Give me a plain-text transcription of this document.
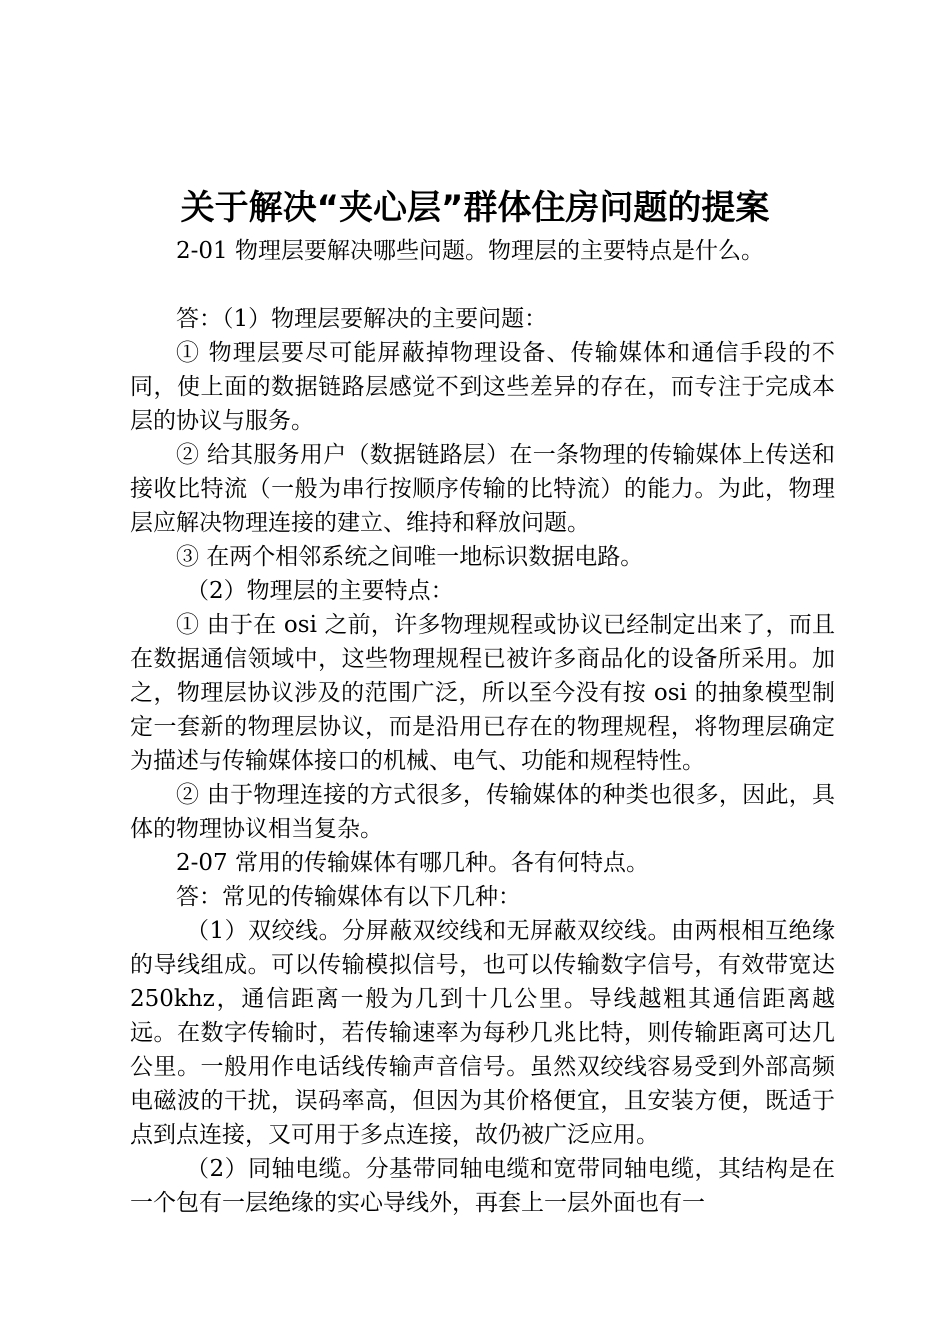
关于解决“夹心层”群体住房问题的提案

2-01 物理层要解决哪些问题。物理层的主要特点是什么。

答：（1）物理层要解决的主要问题：

① 物理层要尽可能屏蔽掉物理设备、传输媒体和通信手段的不同，使上面的数据链路层感觉不到这些差异的存在，而专注于完成本层的协议与服务。

② 给其服务用户（数据链路层）在一条物理的传输媒体上传送和接收比特流（一般为串行按顺序传输的比特流）的能力。为此，物理层应解决物理连接的建立、维持和释放问题。

③ 在两个相邻系统之间唯一地标识数据电路。

（2）物理层的主要特点：

① 由于在 osi 之前，许多物理规程或协议已经制定出来了，而且在数据通信领域中，这些物理规程已被许多商品化的设备所采用。加之，物理层协议涉及的范围广泛，所以至今没有按 osi 的抽象模型制定一套新的物理层协议，而是沿用已存在的物理规程，将物理层确定为描述与传输媒体接口的机械、电气、功能和规程特性。

② 由于物理连接的方式很多，传输媒体的种类也很多，因此，具体的物理协议相当复杂。

2-07 常用的传输媒体有哪几种。各有何特点。

答：常见的传输媒体有以下几种：

（1）双绞线。分屏蔽双绞线和无屏蔽双绞线。由两根相互绝缘的导线组成。可以传输模拟信号，也可以传输数字信号，有效带宽达 250khz，通信距离一般为几到十几公里。导线越粗其通信距离越远。在数字传输时，若传输速率为每秒几兆比特，则传输距离可达几公里。一般用作电话线传输声音信号。虽然双绞线容易受到外部高频电磁波的干扰，误码率高，但因为其价格便宜，且安装方便，既适于点到点连接，又可用于多点连接，故仍被广泛应用。

（2）同轴电缆。分基带同轴电缆和宽带同轴电缆，其结构是在一个包有一层绝缘的实心导线外，再套上一层外面也有一
